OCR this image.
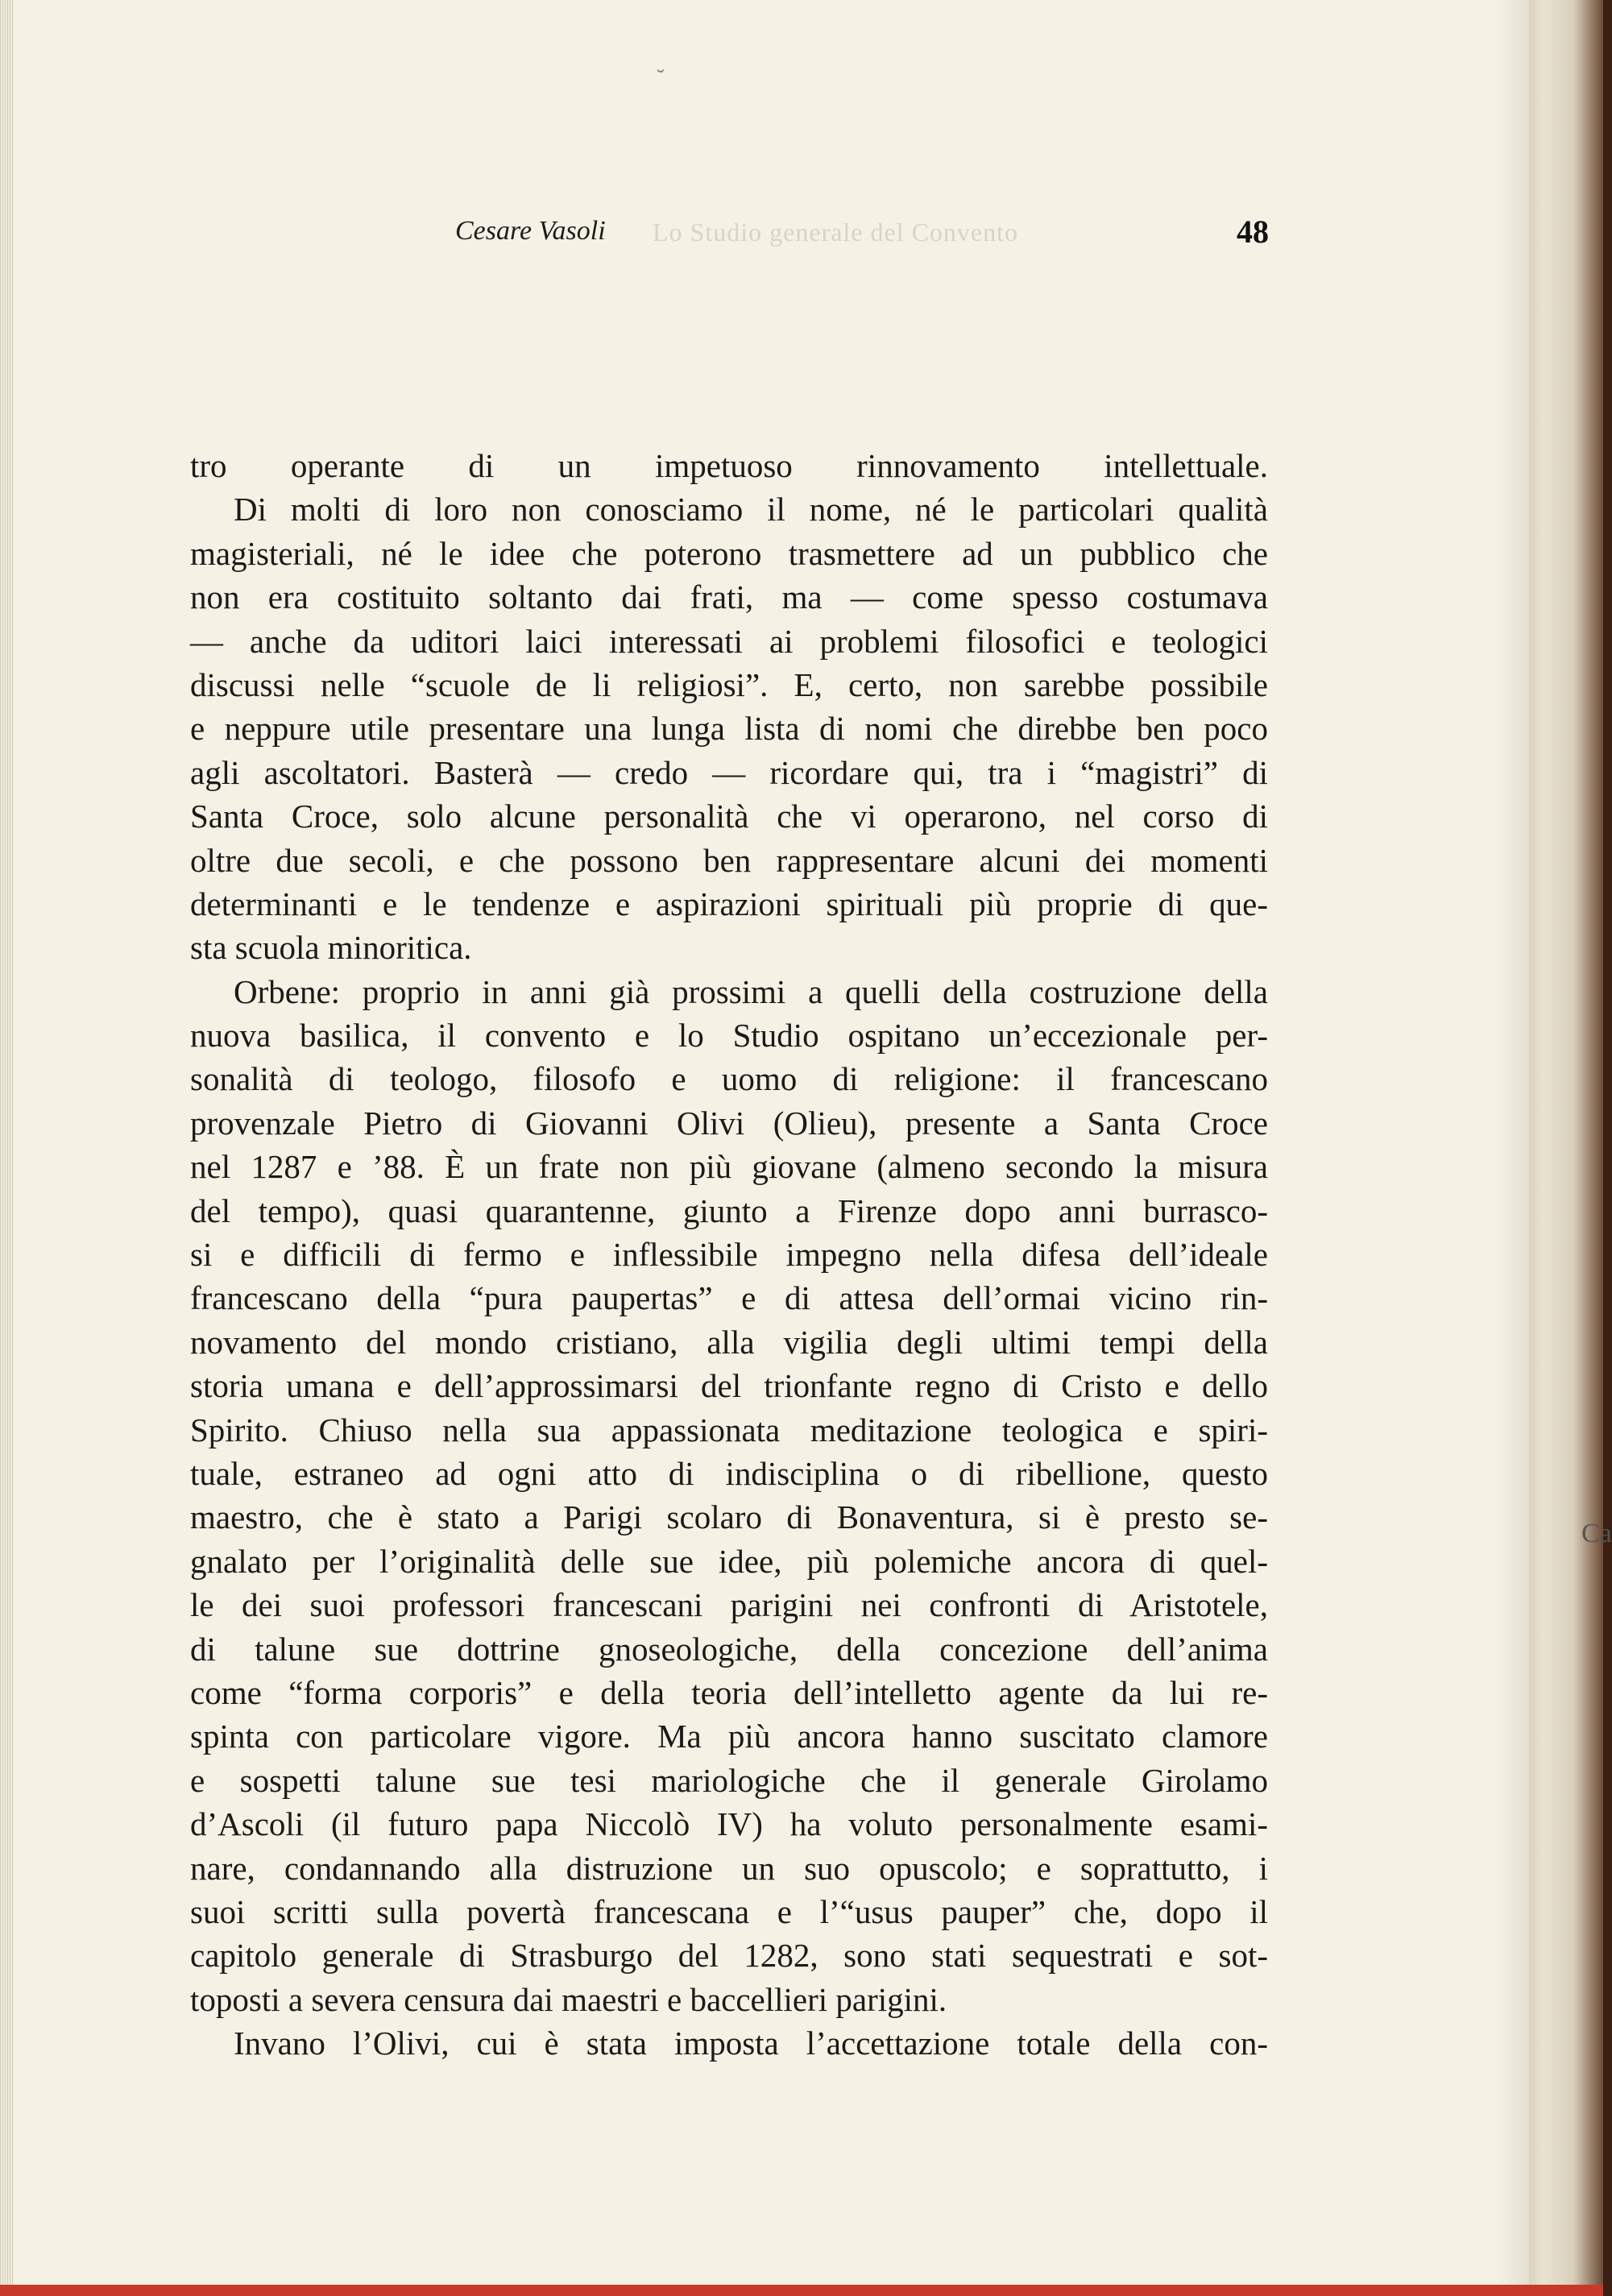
˘
Lo Studio generale del Convento
Cesare Vasoli	48
tro operante di un impetuoso rinnovamento intellettuale.
Di molti di loro non conosciamo il nome, né le particolari qualità
magisteriali, né le idee che poterono trasmettere ad un pubblico che
non era costituito soltanto dai frati, ma — come spesso costumava
— anche da uditori laici interessati ai problemi filosofici e teologici
discussi nelle “scuole de li religiosi”. E, certo, non sarebbe possibile
e neppure utile presentare una lunga lista di nomi che direbbe ben poco
agli ascoltatori. Basterà — credo — ricordare qui, tra i “magistri” di
Santa Croce, solo alcune personalità che vi operarono, nel corso di
oltre due secoli, e che possono ben rappresentare alcuni dei momenti
determinanti e le tendenze e aspirazioni spirituali più proprie di que-
sta scuola minoritica.
Orbene: proprio in anni già prossimi a quelli della costruzione della
nuova basilica, il convento e lo Studio ospitano un’eccezionale per-
sonalità di teologo, filosofo e uomo di religione: il francescano
provenzale Pietro di Giovanni Olivi (Olieu), presente a Santa Croce
nel 1287 e ’88. È un frate non più giovane (almeno secondo la misura
del tempo), quasi quarantenne, giunto a Firenze dopo anni burrasco-
si e difficili di fermo e inflessibile impegno nella difesa dell’ideale
francescano della “pura paupertas” e di attesa dell’ormai vicino rin-
novamento del mondo cristiano, alla vigilia degli ultimi tempi della
storia umana e dell’approssimarsi del trionfante regno di Cristo e dello
Spirito. Chiuso nella sua appassionata meditazione teologica e spiri-
tuale, estraneo ad ogni atto di indisciplina o di ribellione, questo
maestro, che è stato a Parigi scolaro di Bonaventura, si è presto se-
gnalato per l’originalità delle sue idee, più polemiche ancora di quel-
le dei suoi professori francescani parigini nei confronti di Aristotele,
di talune sue dottrine gnoseologiche, della concezione dell’anima
come “forma corporis” e della teoria dell’intelletto agente da lui re-
spinta con particolare vigore. Ma più ancora hanno suscitato clamore
e sospetti talune sue tesi mariologiche che il generale Girolamo
d’Ascoli (il futuro papa Niccolò IV) ha voluto personalmente esami-
nare, condannando alla distruzione un suo opuscolo; e soprattutto, i
suoi scritti sulla povertà francescana e l’“usus pauper” che, dopo il
capitolo generale di Strasburgo del 1282, sono stati sequestrati e sot-
toposti a severa censura dai maestri e baccellieri parigini.
Invano l’Olivi, cui è stata imposta l’accettazione totale della con-
Ca
